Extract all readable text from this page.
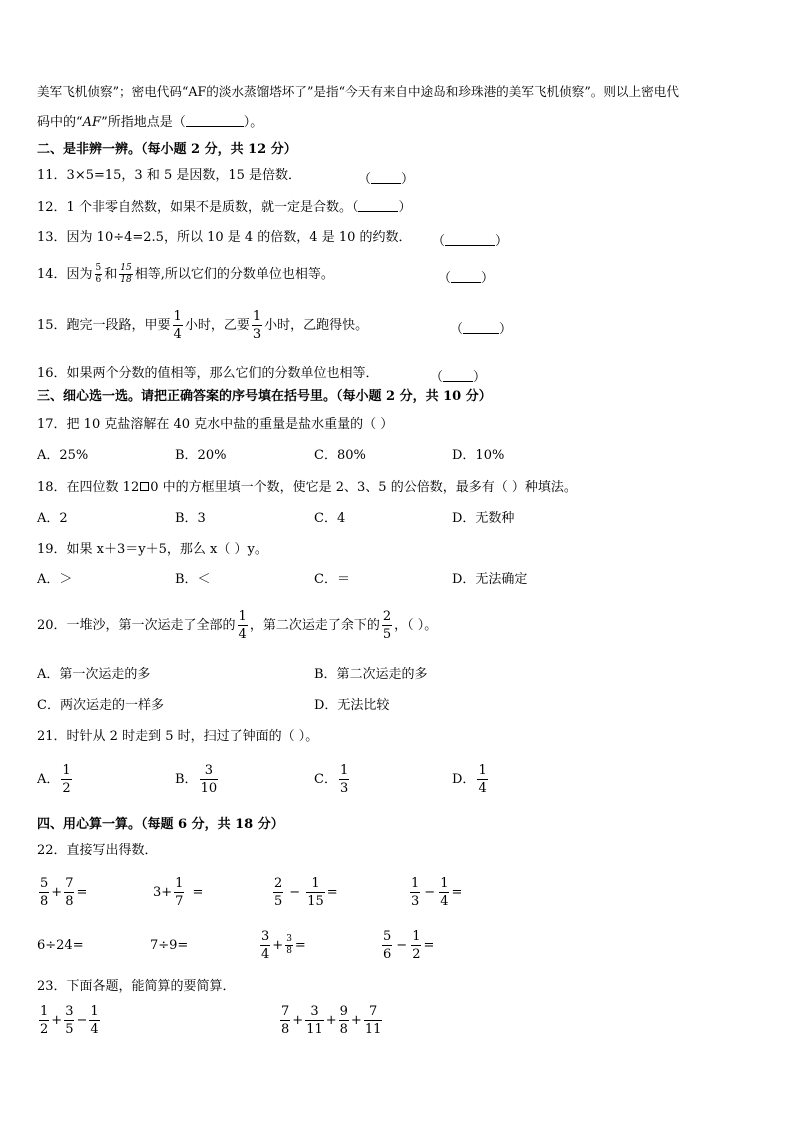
美军飞机侦察”；密电代码“AF的淡水蒸馏塔坏了”是指“今天有来自中途岛和珍珠港的美军飞机侦察”。则以上密电代
码中的“AF”所指地点是（	）。
二、是非辨一辨。（每小题 2 分，共 12 分）
11．3×5=15，3 和 5 是因数，15 是倍数．	（ ）
12．1 个非零自然数，如果不是质数，就一定是合数。（	）
13．因为 10÷4=2.5，所以 10 是 4 的倍数，4 是 10 的约数． （	）
14．因为 $\frac{5}{6}$ 和 $\frac{15}{18}$ 相等,所以它们的分数单位也相等。	（ ）
15．跑完一段路，甲要 $\frac{1}{4}$ 小时，乙要 $\frac{1}{3}$ 小时，乙跑得快。	（	）
16．如果两个分数的值相等，那么它们的分数单位也相等．	（ ）
三、细心选一选。请把正确答案的序号填在括号里。（每小题 2 分，共 10 分）
17．把 10 克盐溶解在 40 克水中盐的重量是盐水重量的（ ）
A．25%	B．20%	C．80%	D．10%
18．在四位数 12 0 中的方框里填一个数，使它是 2、3、5 的公倍数，最多有（ ）种填法。
A．2	B．3	C．4	D．无数种
19．如果 x＋3＝y＋5，那么 x（ ）y。
A．＞	B．＜	C．＝	D．无法确定
20．一堆沙，第一次运走了全部的 $\frac{1}{4}$ ，第二次运走了余下的 $\frac{2}{5}$ ，（ ）。
A．第一次运走的多	B．第二次运走的多
C．两次运走的一样多	D．无法比较
21．时针从 2 时走到 5 时，扫过了钟面的（ ）。
A． $\frac{1}{2}$	B． $\frac{3}{10}$	C． $\frac{1}{3}$	D． $\frac{1}{4}$
四、用心算一算。（每题 6 分，共 18 分）
22．直接写出得数．
$\frac{5}{8} + \frac{7}{8}$ =	$3+ \frac{1}{7}$ =	$\frac{2}{5} - \frac{1}{15}$ =	$\frac{1}{3} - \frac{1}{4}$ =
6÷24=	7÷9=	$\frac{3}{4} + \frac{3}{8}$ =	$\frac{5}{6} - \frac{1}{2}$ =
23．下面各题，能简算的要简算．
$\frac{1}{2} + \frac{3}{5} - \frac{1}{4}$	$\frac{7}{8} + \frac{3}{11} + \frac{9}{8} + \frac{7}{11}$
